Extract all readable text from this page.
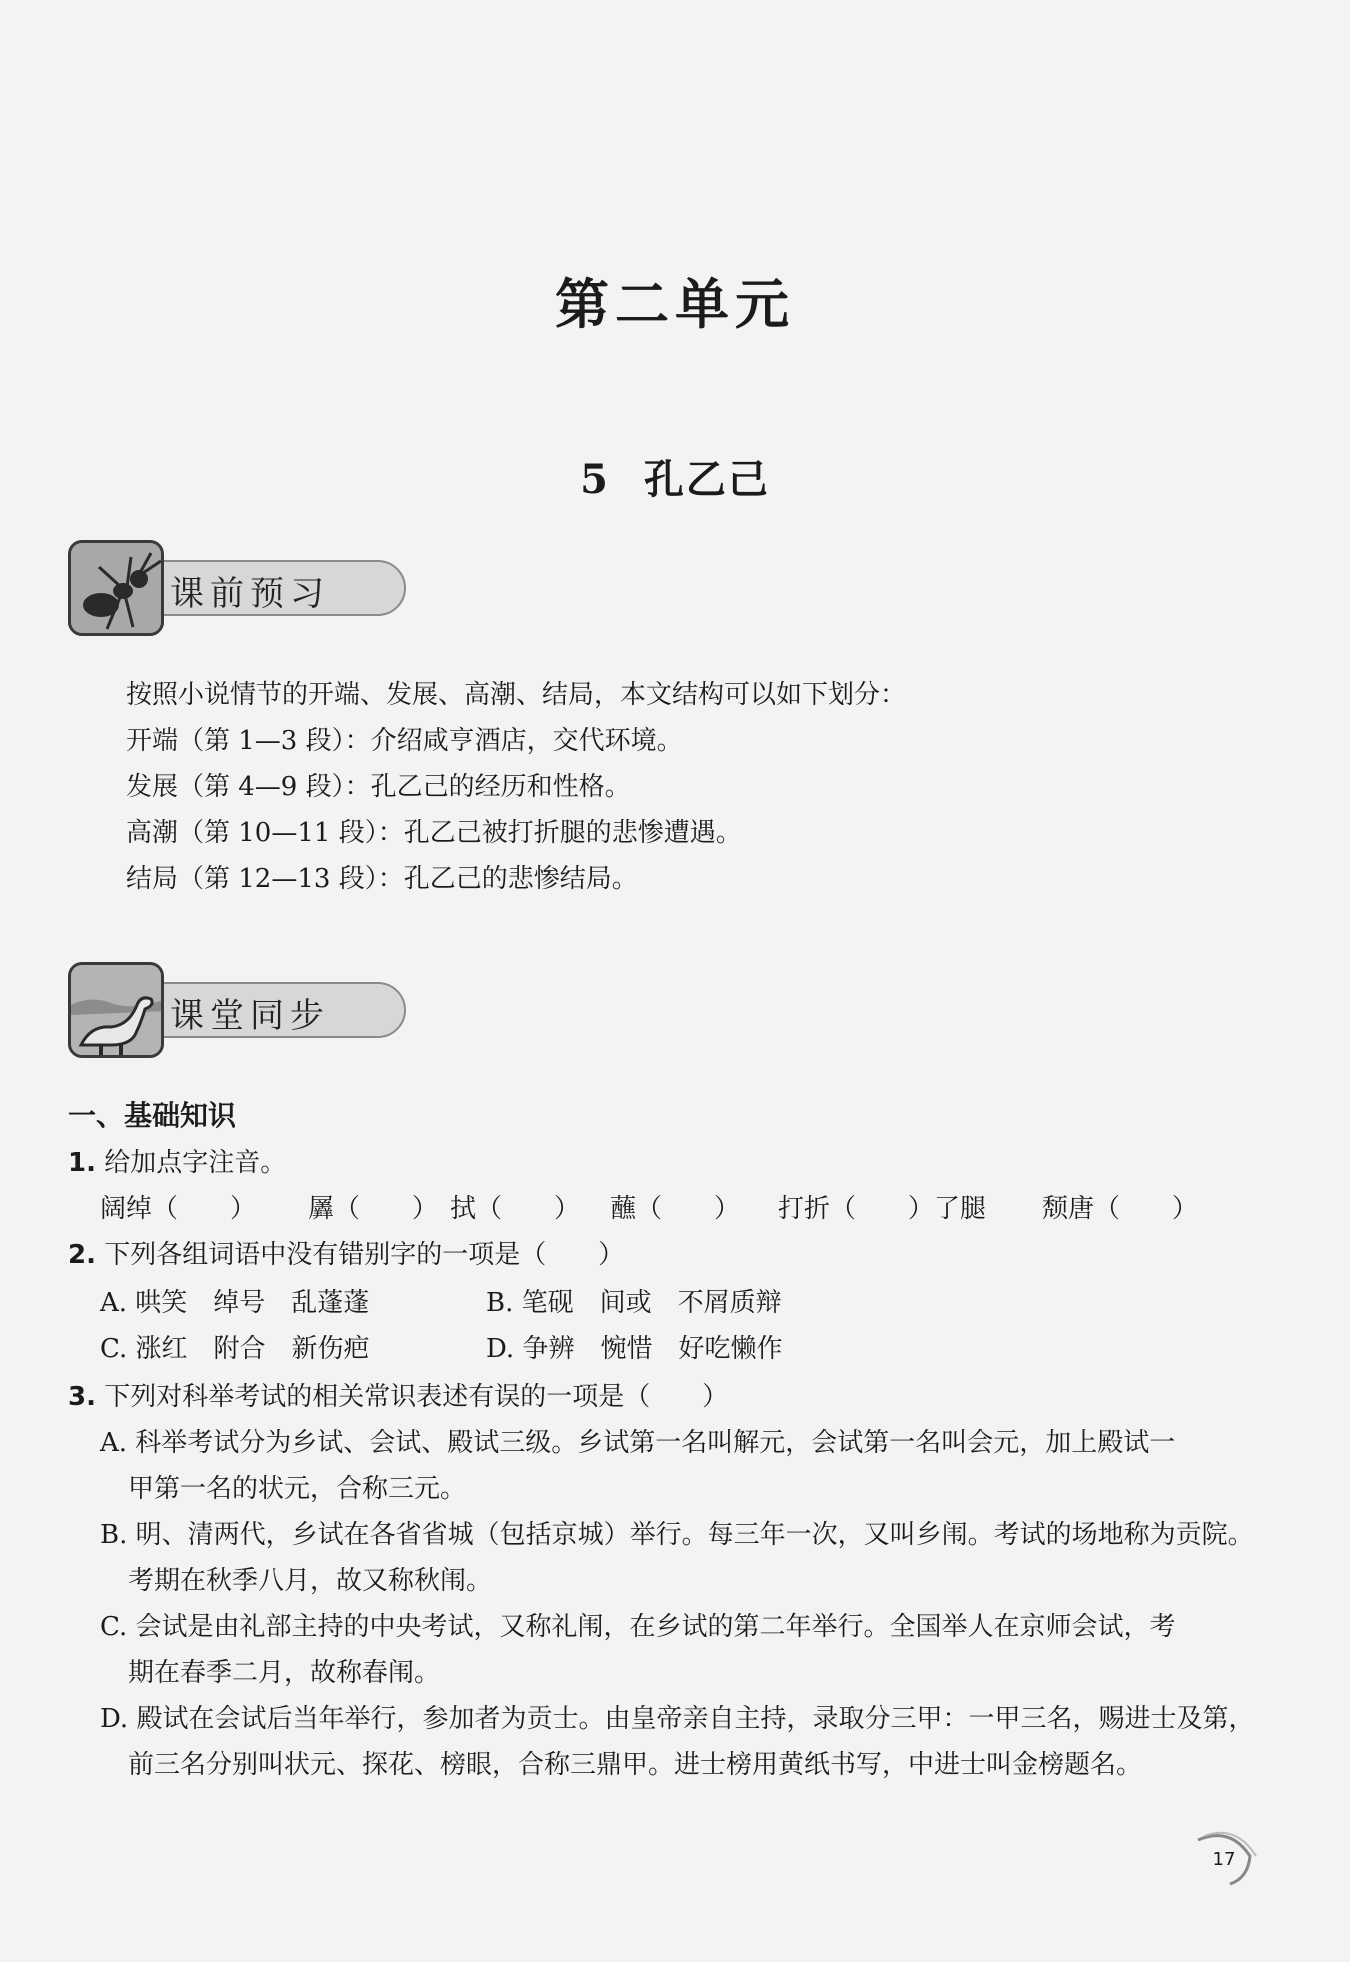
第二单元
5 孔乙己
课前预习

按照小说情节的开端、发展、高潮、结局，本文结构可以如下划分：

开端（第 1—3 段）：介绍咸亨酒店，交代环境。

发展（第 4—9 段）：孔乙己的经历和性格。

高潮（第 10—11 段）：孔乙己被打折腿的悲惨遭遇。

结局（第 12—13 段）：孔乙己的悲惨结局。

课堂同步
一、基础知识
1. 给加点字注音。
阔绰（　　） 羼（　　） 拭（　　） 蘸（　　） 打折（　　）了腿 颓唐（　　）
2. 下列各组词语中没有错别字的一项是（　　）
A. 哄笑　绰号　乱蓬蓬	B. 笔砚　间或　不屑质辩
C. 涨红　附合　新伤疤	D. 争辨　惋惜　好吃懒作
3. 下列对科举考试的相关常识表述有误的一项是（　　）

A. 科举考试分为乡试、会试、殿试三级。乡试第一名叫解元，会试第一名叫会元，加上殿试一

甲第一名的状元，合称三元。

B. 明、清两代，乡试在各省省城（包括京城）举行。每三年一次，又叫乡闱。考试的场地称为贡院。

考期在秋季八月，故又称秋闱。

C. 会试是由礼部主持的中央考试，又称礼闱，在乡试的第二年举行。全国举人在京师会试，考

期在春季二月，故称春闱。

D. 殿试在会试后当年举行，参加者为贡士。由皇帝亲自主持，录取分三甲：一甲三名，赐进士及第，

前三名分别叫状元、探花、榜眼，合称三鼎甲。进士榜用黄纸书写，中进士叫金榜题名。

17
